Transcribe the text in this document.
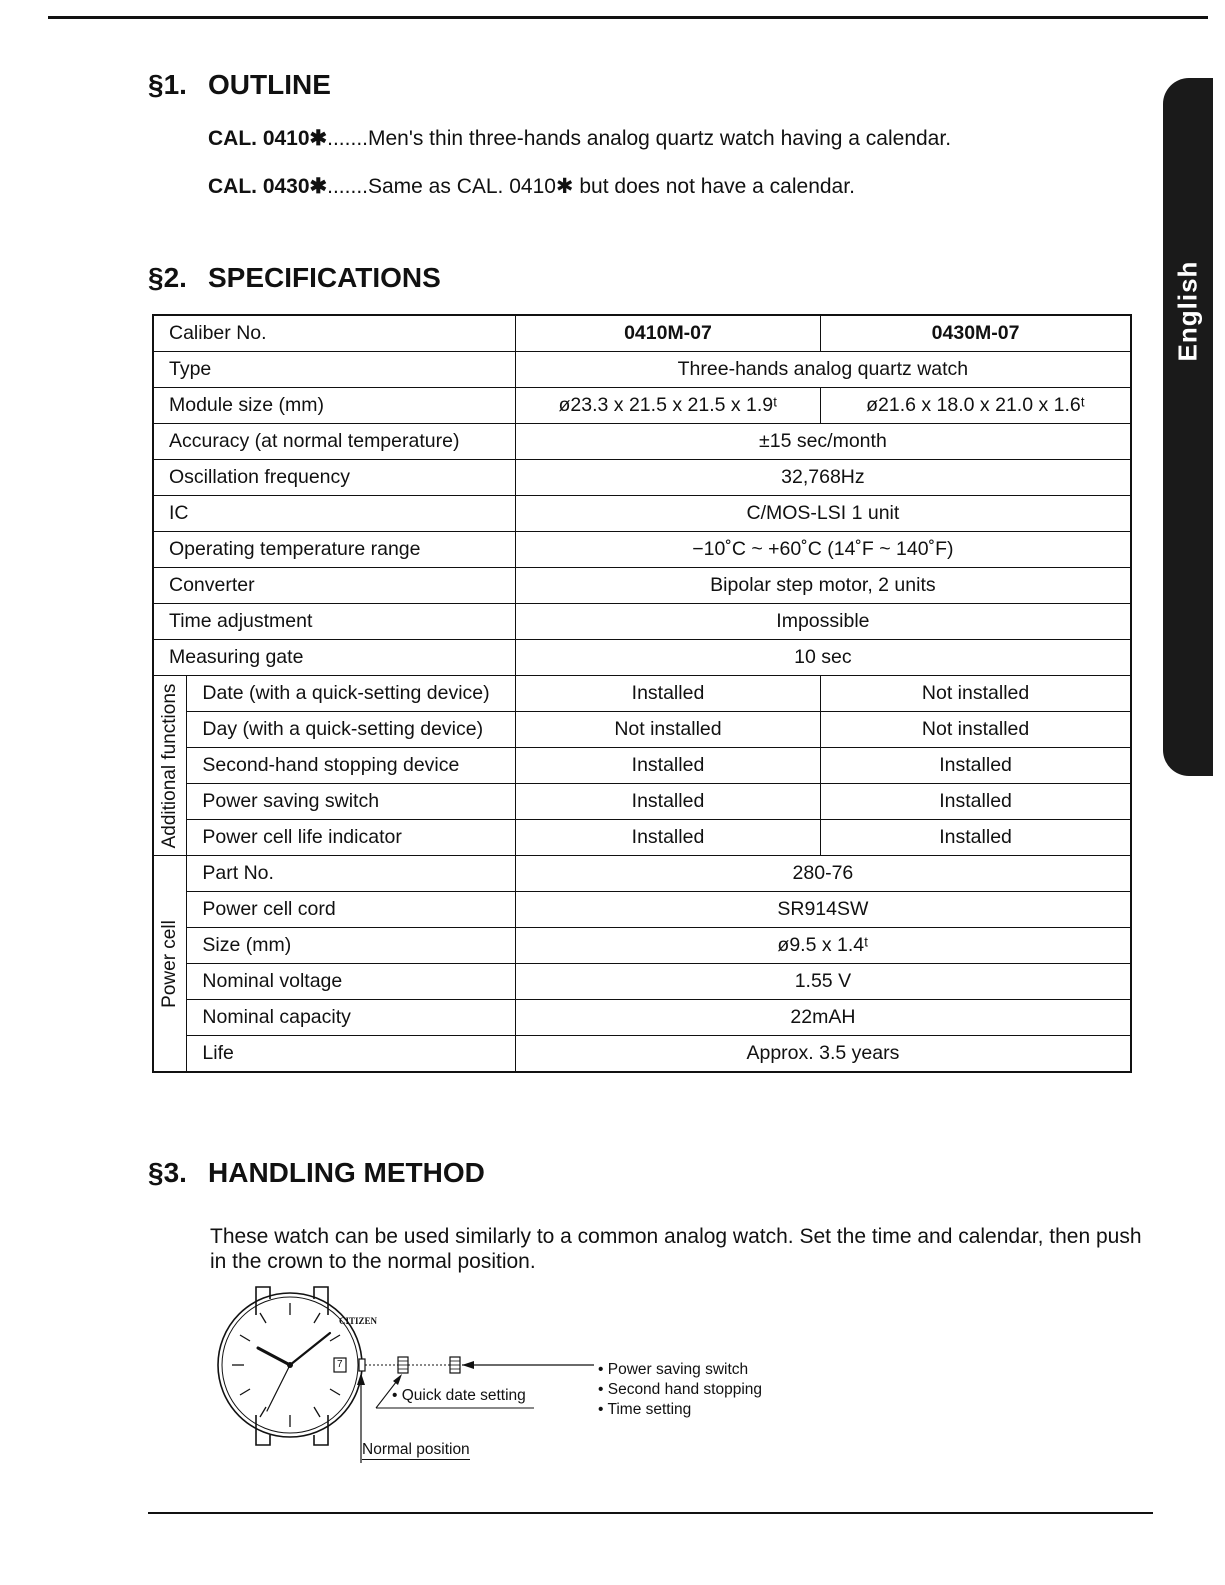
English
§1. OUTLINE
CAL. 0410✱.......Men's thin three-hands analog quartz watch having a calendar.
CAL. 0430✱.......Same as CAL. 0410✱ but does not have a calendar.
§2. SPECIFICATIONS
Caliber No.		0410M-07	0430M-07
Type		Three-hands analog quartz watch	
Module size (mm)		ø23.3 x 21.5 x 21.5 x 1.9ᵗ	ø21.6 x 18.0 x 21.0 x 1.6ᵗ
Accuracy (at normal temperature)		±15 sec/month	
Oscillation frequency		32,768Hz	
IC		C/MOS-LSI 1 unit	
Operating temperature range		−10˚C ~ +60˚C (14˚F ~ 140˚F)	
Converter		Bipolar step motor, 2 units	
Time adjustment		Impossible	
Measuring gate		10 sec	

Additional functions	Date (with a quick-setting device)	Installed	Not installed
	Day (with a quick-setting device)	Not installed	Not installed
	Second-hand stopping device	Installed	Installed
	Power saving switch	Installed	Installed
	Power cell life indicator	Installed	Installed

Power cell	Part No.	280-76	
	Power cell cord	SR914SW	
	Size (mm)	ø9.5 x 1.4ᵗ	
	Nominal voltage	1.55 V	
	Nominal capacity	22mAH	
	Life	Approx. 3.5 years	
§3. HANDLING METHOD
These watch can be used similarly to a common analog watch. Set the time and calendar, then push in the crown to the normal position.
CITIZEN
7
• Quick date setting
Normal position
• Power saving switch
• Second hand stopping
• Time setting
